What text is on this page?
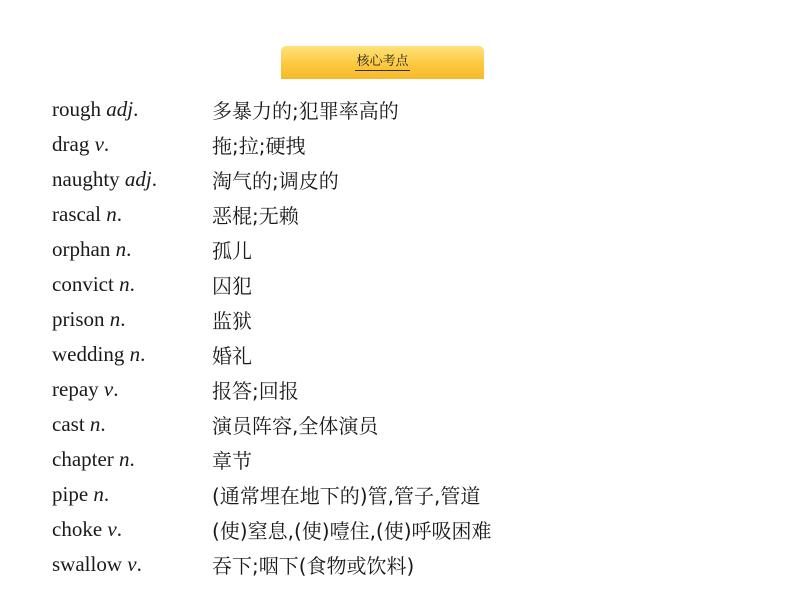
核心考点
rough adj.	多暴力的;犯罪率高的
drag v.	拖;拉;硬拽
naughty adj.	淘气的;调皮的
rascal n.	恶棍;无赖
orphan n.	孤儿
convict n.	囚犯
prison n.	监狱
wedding n.	婚礼
repay v.	报答;回报
cast n.	演员阵容,全体演员
chapter n.	章节
pipe n.	(通常埋在地下的)管,管子,管道
choke v.	(使)窒息,(使)噎住,(使)呼吸困难
swallow v.	吞下;咽下(食物或饮料)
